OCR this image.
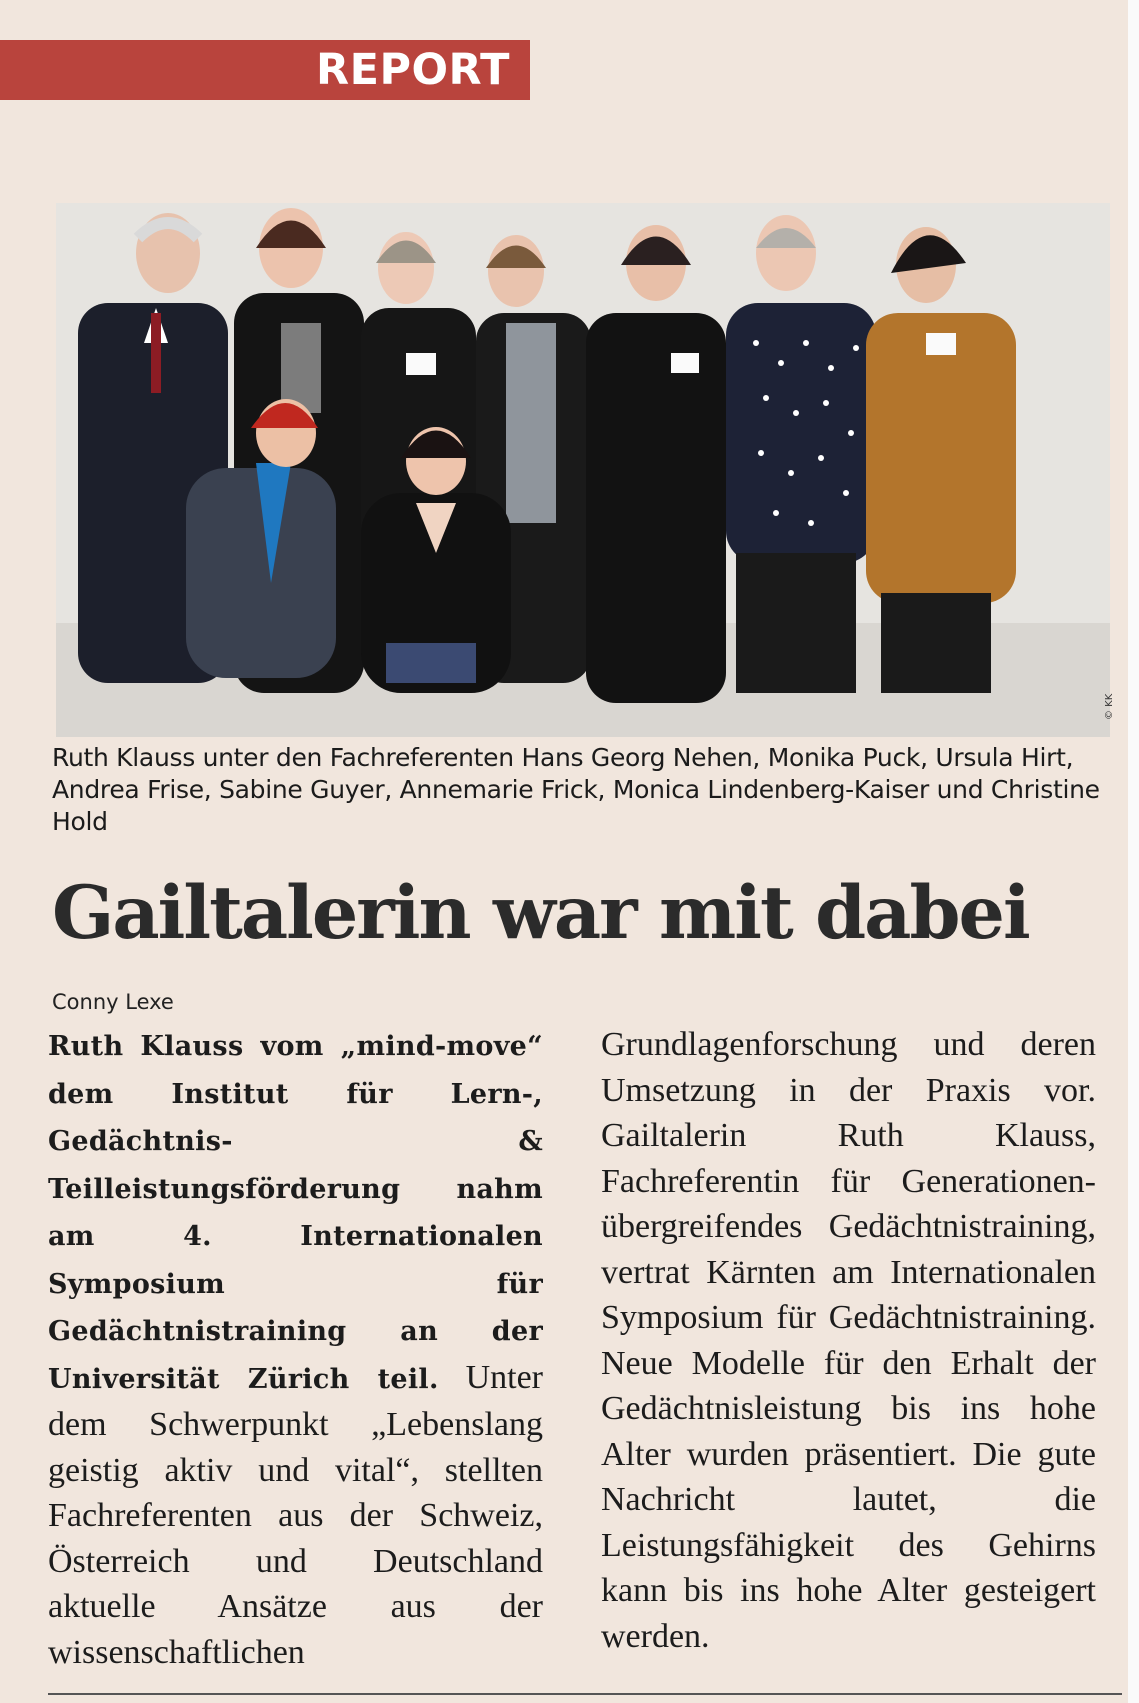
REPORT
© KK
Ruth Klauss unter den Fachreferenten Hans Georg Nehen, Monika Puck, Ursula Hirt, Andrea Frise, Sabine Guyer, Annemarie Frick, Monica Lindenberg-Kaiser und Christine Hold
Gailtalerin war mit dabei
Conny Lexe
Ruth Klauss vom „mind-move“ dem Institut für Lern-, Gedächtnis- & Teilleistungsförderung nahm am 4. Internationalen Symposium für Gedächtnistraining an der Universität Zürich teil. Unter dem Schwerpunkt „Lebenslang geistig aktiv und vital“, stellten Fachreferenten aus der Schweiz, Österreich und Deutschland aktuelle Ansätze aus der wissenschaftlichen
Grundlagenforschung und deren Umsetzung in der Praxis vor. Gailtalerin Ruth Klauss, Fachreferentin für Generationen-übergreifendes Gedächtnistraining, vertrat Kärnten am Internationalen Symposium für Gedächtnistraining. Neue Modelle für den Erhalt der Gedächtnisleistung bis ins hohe Alter wurden präsentiert. Die gute Nachricht lautet, die Leistungsfähigkeit des Gehirns kann bis ins hohe Alter gesteigert werden.
